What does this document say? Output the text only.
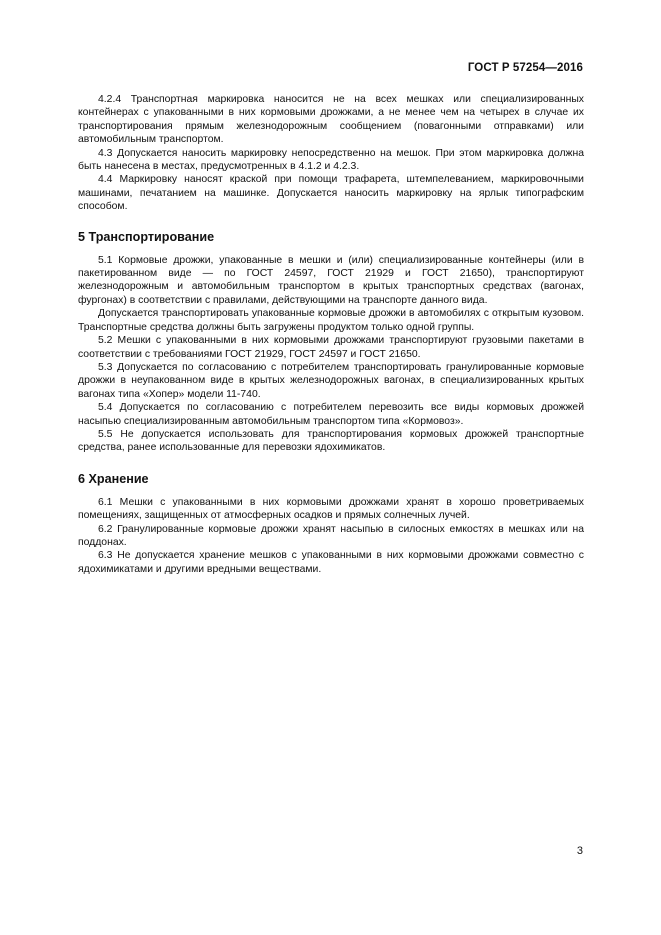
ГОСТ Р 57254—2016

4.2.4 Транспортная маркировка наносится не на всех мешках или специализированных контейнерах с упакованными в них кормовыми дрожжами, а не менее чем на четырех в случае их транспортирования прямым железнодорожным сообщением (повагонными отправками) или автомобильным транспортом.

4.3 Допускается наносить маркировку непосредственно на мешок. При этом маркировка должна быть нанесена в местах, предусмотренных в 4.1.2 и 4.2.3.

4.4 Маркировку наносят краской при помощи трафарета, штемпелеванием, маркировочными машинами, печатанием на машинке. Допускается наносить маркировку на ярлык типографским способом.

5 Транспортирование

5.1 Кормовые дрожжи, упакованные в мешки и (или) специализированные контейнеры (или в пакетированном виде — по ГОСТ 24597, ГОСТ 21929 и ГОСТ 21650), транспортируют железнодорожным и автомобильным транспортом в крытых транспортных средствах (вагонах, фургонах) в соответствии с правилами, действующими на транспорте данного вида.

Допускается транспортировать упакованные кормовые дрожжи в автомобилях с открытым кузовом. Транспортные средства должны быть загружены продуктом только одной группы.

5.2 Мешки с упакованными в них кормовыми дрожжами транспортируют грузовыми пакетами в соответствии с требованиями ГОСТ 21929, ГОСТ 24597 и ГОСТ 21650.

5.3 Допускается по согласованию с потребителем транспортировать гранулированные кормовые дрожжи в неупакованном виде в крытых железнодорожных вагонах, в специализированных крытых вагонах типа «Хопер» модели 11-740.

5.4 Допускается по согласованию с потребителем перевозить все виды кормовых дрожжей насыпью специализированным автомобильным транспортом типа «Кормовоз».

5.5 Не допускается использовать для транспортирования кормовых дрожжей транспортные средства, ранее использованные для перевозки ядохимикатов.

6 Хранение

6.1 Мешки с упакованными в них кормовыми дрожжами хранят в хорошо проветриваемых помещениях, защищенных от атмосферных осадков и прямых солнечных лучей.

6.2 Гранулированные кормовые дрожжи хранят насыпью в силосных емкостях в мешках или на поддонах.

6.3 Не допускается хранение мешков с упакованными в них кормовыми дрожжами совместно с ядохимикатами и другими вредными веществами.

3
